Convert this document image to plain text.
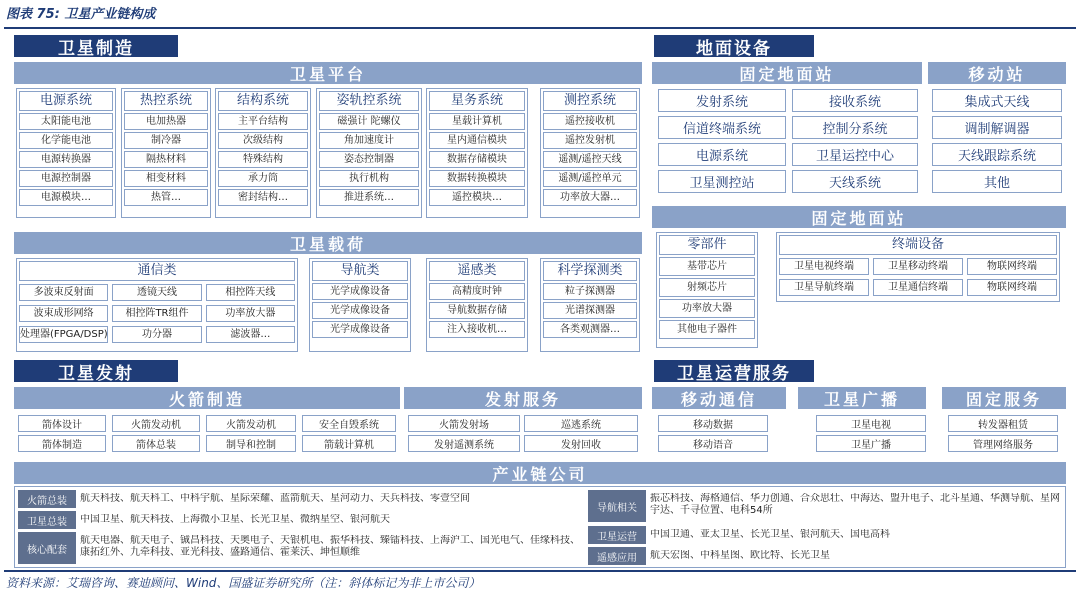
图表 75: 卫星产业链构成
卫星制造
卫星平台
电源系统
太阳能电池
化学能电池
电源转换器
电源控制器
电源模块…
热控系统
电加热器
制冷器
隔热材料
相变材料
热管…
结构系统
主平台结构
次级结构
特殊结构
承力筒
密封结构…
姿轨控系统
磁强计 陀螺仪
角加速度计
姿态控制器
执行机构
推进系统…
星务系统
星载计算机
星内通信模块
数据存储模块
数据转换模块
遥控模块…
测控系统
遥控接收机
遥控发射机
遥测/遥控天线
遥测/遥控单元
功率放大器…
卫星载荷
通信类
多波束反射面	透镜天线	相控阵天线
波束成形网络	相控阵TR组件	功率放大器
处理器(FPGA/DSP)	功分器	滤波器…
导航类
光学成像设备
光学成像设备
光学成像设备
遥感类
高精度时钟
导航数据存储
注入接收机…
科学探测类
粒子探测器
光谱探测器
各类观测器…
地面设备
固定地面站	移动站
发射系统	接收系统
信道终端系统	控制分系统
电源系统	卫星运控中心
卫星测控站	天线系统
集成式天线
调制解调器
天线跟踪系统
其他
固定地面站
零部件
基带芯片
射频芯片
功率放大器
其他电子器件
终端设备
卫星电视终端	卫星移动终端	物联网终端
卫星导航终端	卫星通信终端	物联网终端
卫星发射
火箭制造	发射服务
箭体设计	火箭发动机	火箭发动机	安全自毁系统
箭体制造	箭体总装	制导和控制	箭载计算机
火箭发射场	巡逃系统
发射遥测系统	发射回收
卫星运营服务
移动通信	卫星广播	固定服务
移动数据
移动语音
卫星电视
卫星广播
转发器租赁
管理网络服务
产业链公司
火箭总装	航天科技、航天科工、中科宇航、星际荣耀、蓝箭航天、星河动力、天兵科技、零壹空间
卫星总装	中国卫星、航天科技、上海微小卫星、长光卫星、微纳星空、银河航天
核心配套
航天电器、航天电子、铖昌科技、天奥电子、天银机电、振华科技、臻镭科技、上海沪工、国光电气、佳缘科技、康拓红外、九牵科技、亚光科技、盛路通信、霍莱沃、坤恒顺维
导航相关
振芯科技、海格通信、华力创通、合众思壮、中海达、盟升电子、北斗星通、华测导航、星网宇达、千寻位置、电科54所
卫星运营	中国卫通、亚太卫星、长光卫星、银河航天、国电高科
遥感应用	航天宏图、中科星图、欧比特、长光卫星
资料来源：艾瑞咨询、赛迪顾问、Wind、国盛证券研究所（注：斜体标记为非上市公司）
